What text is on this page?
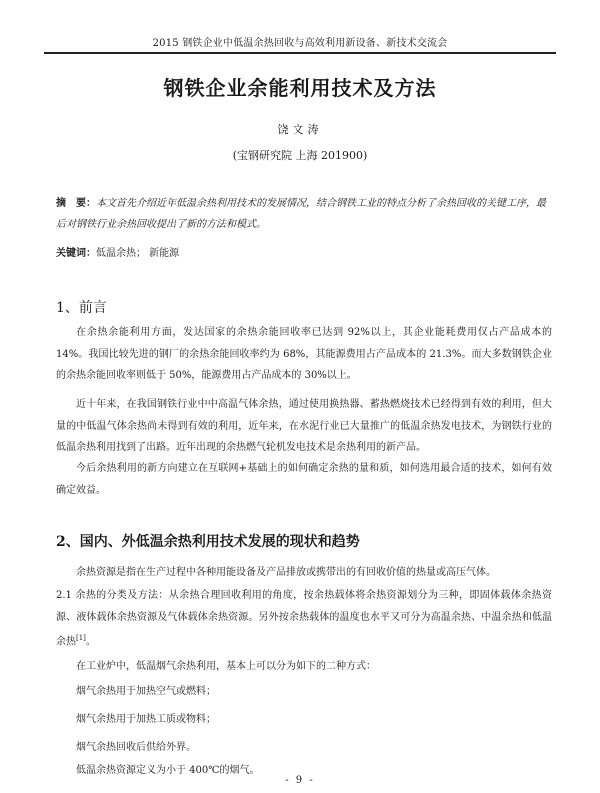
2015 钢铁企业中低温余热回收与高效利用新设备、新技术交流会
钢铁企业余能利用技术及方法
饶文涛
(宝钢研究院 上海 201900)
摘　要：本文首先介绍近年低温余热利用技术的发展情况，结合钢铁工业的特点分析了余热回收的关键工序，最后对钢铁行业余热回收提出了新的方法和模式。
关键词：低温余热； 新能源
1、前言

在余热余能利用方面，发达国家的余热余能回收率已达到 92%以上，其企业能耗费用仅占产品成本的 14%。我国比较先进的钢厂的余热余能回收率约为 68%，其能源费用占产品成本的 21.3%。而大多数钢铁企业的余热余能回收率则低于 50%，能源费用占产品成本的 30%以上。

近十年来，在我国钢铁行业中中高温气体余热，通过使用换热器、蓄热燃烧技术已经得到有效的利用，但大量的中低温气体余热尚未得到有效的利用，近年来，在水泥行业已大量推广的低温余热发电技术，为钢铁行业的低温余热利用找到了出路。近年出现的余热燃气轮机发电技术是余热利用的新产品。

今后余热利用的新方向建立在互联网+基础上的如何确定余热的量和质，如何选用最合适的技术，如何有效确定效益。

2、国内、外低温余热利用技术发展的现状和趋势

余热资源是指在生产过程中各种用能设备及产品排放或携带出的有回收价值的热量或高压气体。

2.1 余热的分类及方法：从余热合理回收利用的角度，按余热载体将余热资源划分为三种，即固体载体余热资源、液体载体余热资源及气体载体余热资源。另外按余热载体的温度也水平又可分为高温余热、中温余热和低温余热[1]。

在工业炉中，低温烟气余热利用，基本上可以分为如下的二种方式：

烟气余热用于加热空气或燃料；

烟气余热用于加热工质或物料；

烟气余热回收后供给外界。

低温余热资源定义为小于 400℃的烟气。

- 9 -
